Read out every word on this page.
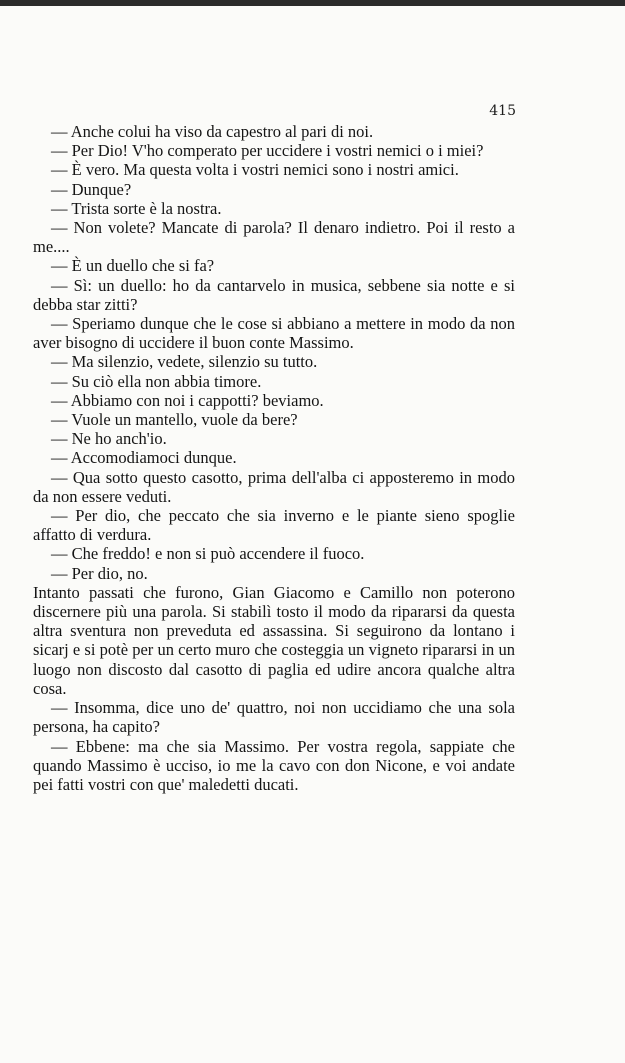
415

— Anche colui ha viso da capestro al pari di noi.

— Per Dio! V'ho comperato per uccidere i vostri nemici o i miei?

— È vero. Ma questa volta i vostri nemici sono i nostri amici.

— Dunque?

— Trista sorte è la nostra.

— Non volete? Mancate di parola? Il denaro indietro. Poi il resto a me....

— È un duello che si fa?

— Sì: un duello: ho da cantarvelo in musica, sebbene sia notte e si debba star zitti?

— Speriamo dunque che le cose si abbiano a mettere in modo da non aver bisogno di uccidere il buon conte Massimo.

— Ma silenzio, vedete, silenzio su tutto.

— Su ciò ella non abbia timore.

— Abbiamo con noi i cappotti? beviamo.

— Vuole un mantello, vuole da bere?

— Ne ho anch'io.

— Accomodiamoci dunque.

— Qua sotto questo casotto, prima dell'alba ci apposteremo in modo da non essere veduti.

— Per dio, che peccato che sia inverno e le piante sieno spoglie affatto di verdura.

— Che freddo! e non si può accendere il fuoco.

— Per dio, no.

Intanto passati che furono, Gian Giacomo e Camillo non poterono discernere più una parola. Si stabilì tosto il modo da ripararsi da questa altra sventura non preveduta ed assassina. Si seguirono da lontano i sicarj e si potè per un certo muro che costeggia un vigneto ripararsi in un luogo non discosto dal casotto di paglia ed udire ancora qualche altra cosa.

— Insomma, dice uno de' quattro, noi non uccidiamo che una sola persona, ha capito?

— Ebbene: ma che sia Massimo. Per vostra regola, sappiate che quando Massimo è ucciso, io me la cavo con don Nicone, e voi andate pei fatti vostri con que' maledetti ducati.
